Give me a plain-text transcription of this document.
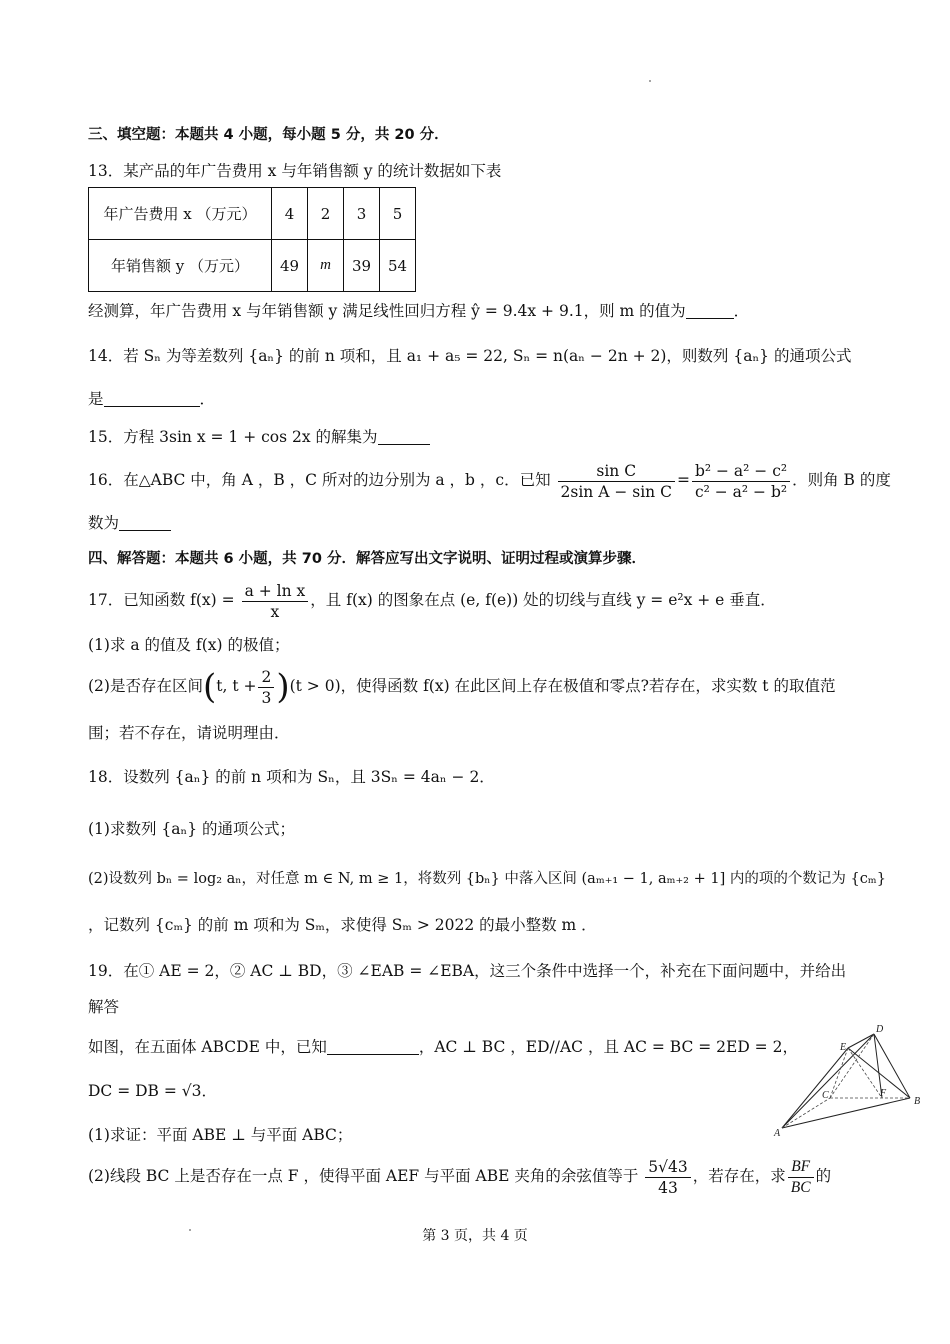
三、填空题：本题共 4 小题，每小题 5 分，共 20 分．
13．某产品的年广告费用 x 与年销售额 y 的统计数据如下表
年广告费用 x （万元）	4	2	3	5
年销售额 y （万元）	49	m	39	54
经测算，年广告费用 x 与年销售额 y 满足线性回归方程 ŷ = 9.4x + 9.1，则 m 的值为	．
14．若 Sₙ 为等差数列 {aₙ} 的前 n 项和，且 a₁ + a₅ = 22, Sₙ = n(aₙ − 2n + 2)，则数列 {aₙ} 的通项公式
是	．
15．方程 3sin x = 1 + cos 2x 的解集为
16．在△ABC 中，角 A ，B ，C 所对的边分别为 a ，b ，c．已知 $\frac{\text{sin C}}{\text{2sin A − sin C}} = \frac{\text{b² − a² − c²}}{\text{c² − a² − b²}}$ ．则角 B 的度
数为
四、解答题：本题共 6 小题，共 70 分．解答应写出文字说明、证明过程或演算步骤．
17．已知函数 $f(x) = \frac{\text{a + ln x}}{x}$ ，且 f(x) 的图象在点 (e, f(e)) 处的切线与直线 y = e²x + e 垂直．
(1)求 a 的值及 f(x) 的极值；
(2)是否存在区间(t, $t + \frac{2}{3} )(t > 0)$，使得函数 f(x) 在此区间上存在极值和零点?若存在，求实数 t 的取值范
围；若不存在，请说明理由．
18．设数列 {aₙ} 的前 n 项和为 Sₙ，且 3Sₙ = 4aₙ − 2．
(1)求数列 {aₙ} 的通项公式；
(2)设数列 bₙ = log₂ aₙ，对任意 m ∈ N, m ≥ 1，将数列 {bₙ} 中落入区间 (aₘ₊₁ − 1, aₘ₊₂ + 1] 内的项的个数记为 {cₘ}
，记数列 {cₘ} 的前 m 项和为 Sₘ，求使得 Sₘ > 2022 的最小整数 m ．
19．在① AE = 2，② AC ⊥ BD，③ ∠EAB = ∠EBA，这三个条件中选择一个，补充在下面问题中，并给出
解答
如图，在五面体 ABCDE 中，已知	，AC ⊥ BC ，ED//AC ，且 AC = BC = 2ED = 2，
DC = DB = √3．
(1)求证：平面 ABE ⊥ 与平面 ABC；
(2)线段 BC 上是否存在一点 F ，使得平面 AEF 与平面 ABE 夹角的余弦值等于 $\frac{5√43}{43}$ ，若存在，求 $\frac{BF}{BC}$ 的
A
B
C
D
E
F
第 3 页，共 4 页
